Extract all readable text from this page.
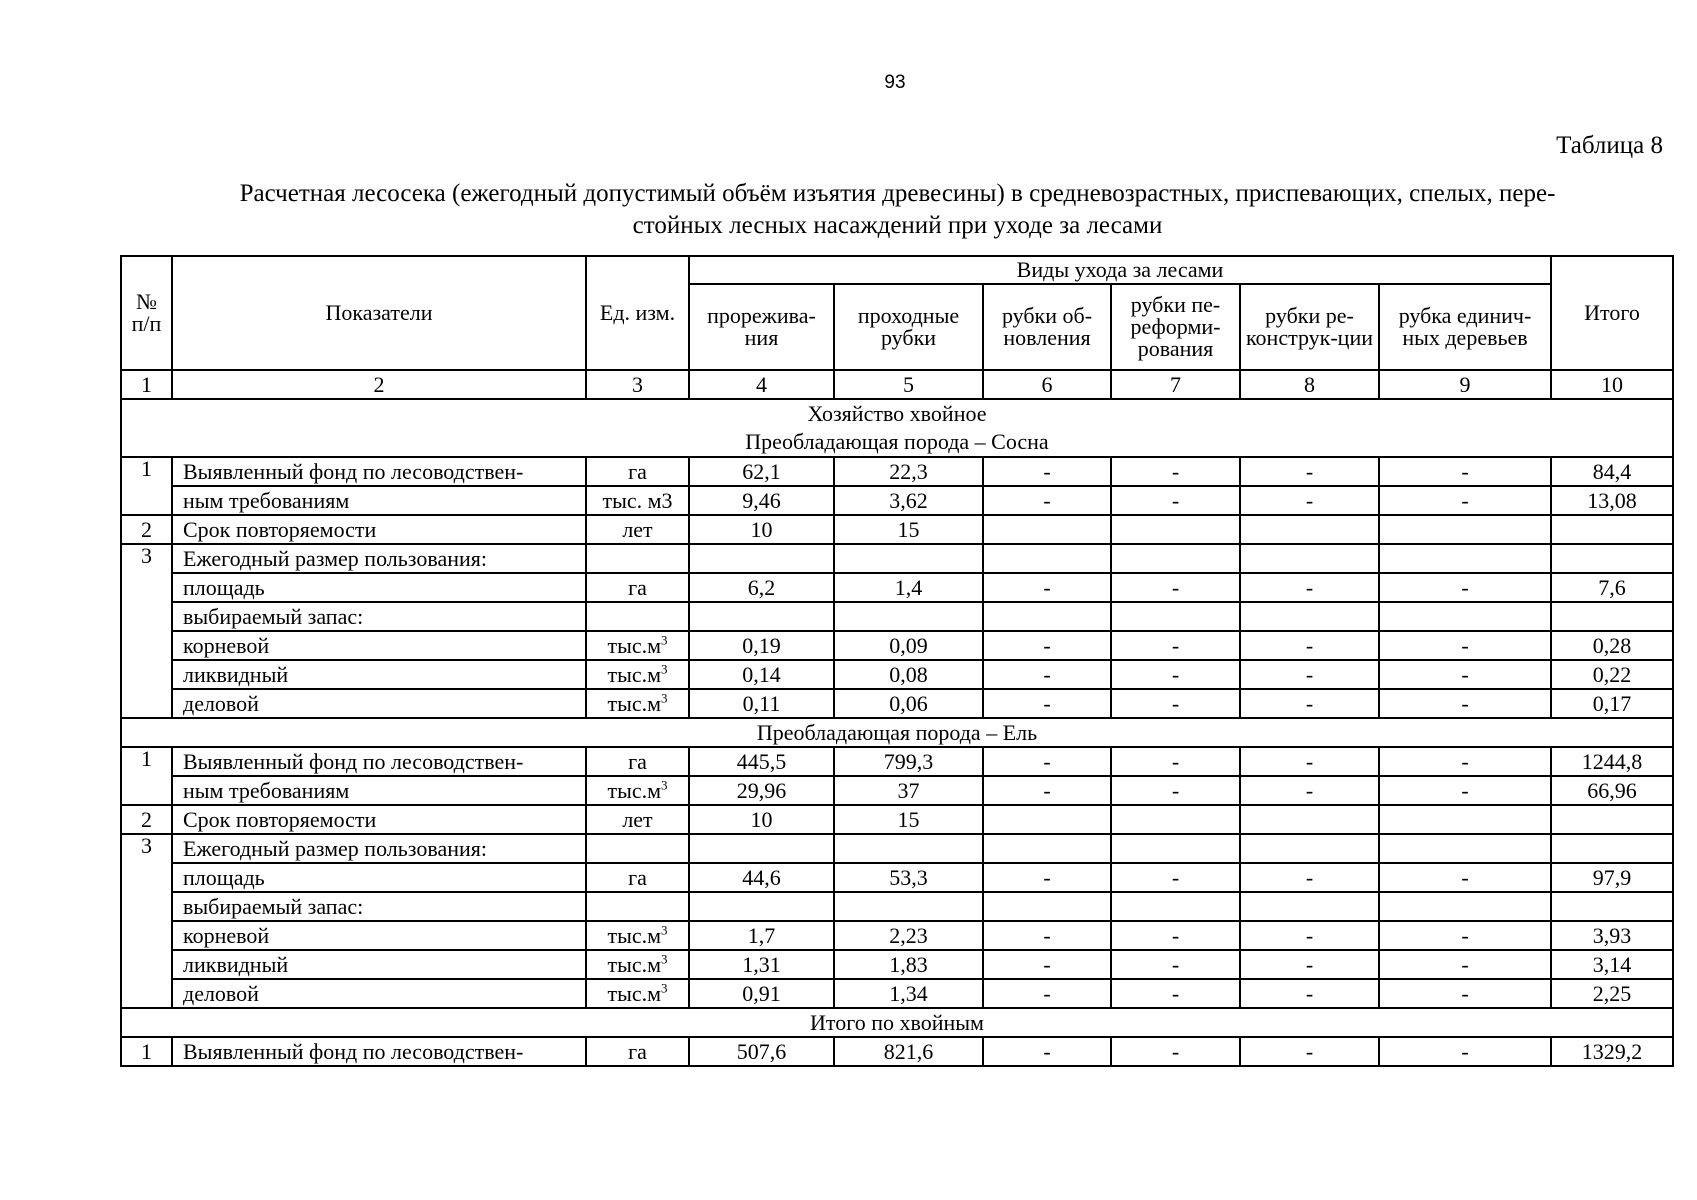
93
Таблица 8
Расчетная лесосека (ежегодный допустимый объём изъятия древесины) в средневозрастных, приспевающих, спелых, пере-
стойных лесных насаждений при уходе за лесами
№ п/п	Показатели	Ед. изм.	Виды ухода за лесами						Итого
			прорежива-ния	проходные рубки	рубки об-новления	рубки пе-реформи-рования	рубки ре-конструк-ции	рубка единич-ных деревьев	
1	2	3	4	5	6	7	8	9	10

Хозяйство хвойное
Преобладающая порода – Сосна									

1	Выявленный фонд по лесоводствен-	га	62,1	22,3	-	-	-	-	84,4
	ным требованиям	тыс. м3	9,46	3,62	-	-	-	-	13,08
2	Срок повторяемости	лет	10	15					
3	Ежегодный размер пользования:								
	площадь	га	6,2	1,4	-	-	-	-	7,6
	выбираемый запас:								
	корневой	$тыс.м^3$	0,19	0,09	-	-	-	-	0,28
	ликвидный	$тыс.м^3$	0,14	0,08	-	-	-	-	0,22
	деловой	$тыс.м^3$	0,11	0,06	-	-	-	-	0,17
Преобладающая порода – Ель									
1	Выявленный фонд по лесоводствен-	га	445,5	799,3	-	-	-	-	1244,8
	ным требованиям	$тыс.м^3$	29,96	37	-	-	-	-	66,96
2	Срок повторяемости	лет	10	15					
3	Ежегодный размер пользования:								
	площадь	га	44,6	53,3	-	-	-	-	97,9
	выбираемый запас:								
	корневой	$тыс.м^3$	1,7	2,23	-	-	-	-	3,93
	ликвидный	$тыс.м^3$	1,31	1,83	-	-	-	-	3,14
	деловой	$тыс.м^3$	0,91	1,34	-	-	-	-	2,25
Итого по хвойным									
1	Выявленный фонд по лесоводствен-	га	507,6	821,6	-	-	-	-	1329,2
